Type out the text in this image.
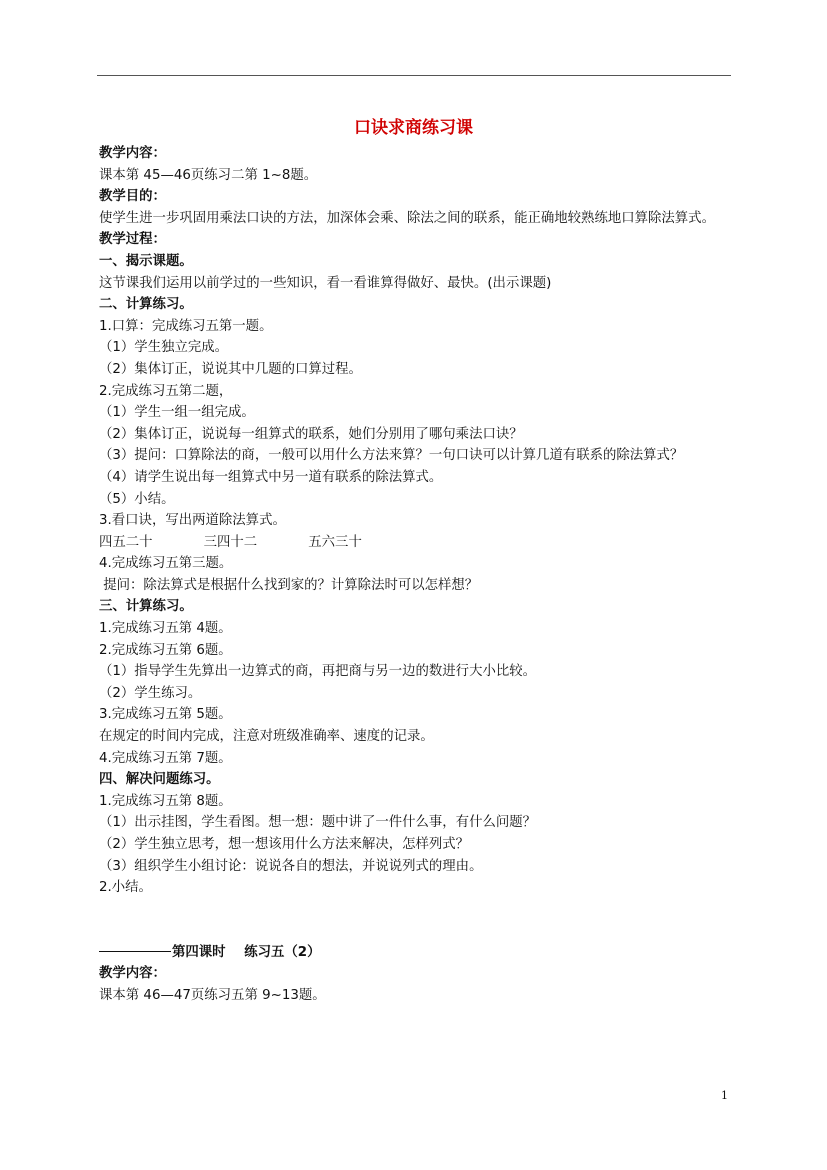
口诀求商练习课
教学内容：
课本第 45—46页练习二第 1~8题。
教学目的：
使学生进一步巩固用乘法口诀的方法，加深体会乘、除法之间的联系，能正确地较熟练地口算除法算式。
教学过程：
一、揭示课题。
这节课我们运用以前学过的一些知识，看一看谁算得做好、最快。(出示课题)
二、计算练习。
1.口算：完成练习五第一题。
（1）学生独立完成。
（2）集体订正，说说其中几题的口算过程。
2.完成练习五第二题，
（1）学生一组一组完成。
（2）集体订正，说说每一组算式的联系，她们分别用了哪句乘法口诀？
（3）提问：口算除法的商，一般可以用什么方法来算？一句口诀可以计算几道有联系的除法算式？
（4）请学生说出每一组算式中另一道有联系的除法算式。
（5）小结。
3.看口诀，写出两道除法算式。
四五二十            三四十二            五六三十
4.完成练习五第三题。
提问：除法算式是根据什么找到家的？计算除法时可以怎样想？
三、计算练习。
1.完成练习五第 4题。
2.完成练习五第 6题。
（1）指导学生先算出一边算式的商，再把商与另一边的数进行大小比较。
（2）学生练习。
3.完成练习五第 5题。
在规定的时间内完成，注意对班级准确率、速度的记录。
4.完成练习五第 7题。
四、解决问题练习。
1.完成练习五第 8题。
（1）出示挂图，学生看图。想一想：题中讲了一件什么事，有什么问题？
（2）学生独立思考，想一想该用什么方法来解决，怎样列式？
（3）组织学生小组讨论：说说各自的想法，并说说列式的理由。
2.小结。
第四课时    练习五（2）
教学内容：
课本第 46—47页练习五第 9~13题。
1
